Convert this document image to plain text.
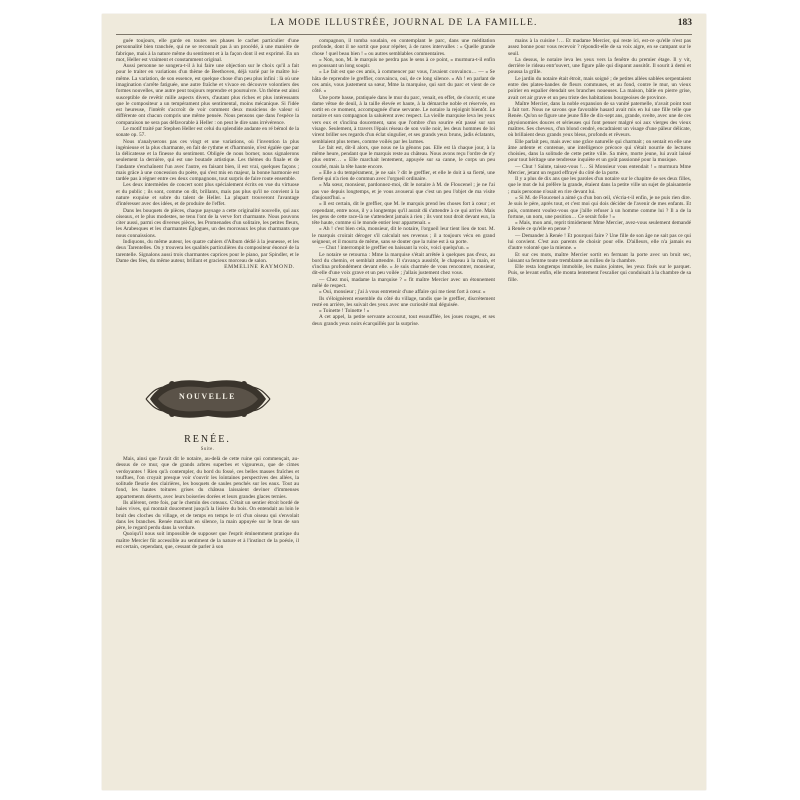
LA MODE ILLUSTRÉE, JOURNAL DE LA FAMILLE.	183

guée toujours, elle garde en toutes ses phases le cachet particulier d'une personnalité bien tranchée, qui ne se reconnaît pas à un procédé, à une manière de fabrique, mais à la nature même du sentiment et à la façon dont il est exprimé. En un mot, Heller est vraiment et constamment original.

Aussi personne ne songera-t-il à lui faire une objection sur le choix qu'il a fait pour le traiter en variations d'un thème de Beethoven, déjà varié par le maître lui-même. La variation, de son essence, est quelque chose d'un peu plus infini : là où une imagination s'arrête fatiguée, une autre fraîche et vivace en découvre volontiers des formes nouvelles, une autre peut toujours reprendre et poursuivre. Un thème est ainsi susceptible de revêtir mille aspects divers, d'autant plus riches et plus intéressants que le compositeur a un tempérament plus sentimental, moins mécanique. Si l'idée est heureuse, l'intérêt s'accroît de voir comment deux musiciens de valeur si différente ont chacun compris une même pensée. Nous pensons que dans l'espèce la comparaison ne sera pas défavorable à Heller : on peut le dire sans irrévérence.

Le motif traité par Stephen Heller est celui du splendide andante en ré bémol de la sonate op. 57.

Nous n'analyserons pas ces vingt et une variations, où l'invention la plus ingénieuse et la plus charmante, en fait de rythme et d'harmonie, n'est égalée que par la délicatesse et la finesse du sentiment. Obligée de nous borner, nous signalerons seulement la dernière, qui est une boutade artistique. Les thèmes du finale et de l'andante s'enchaînent l'un avec l'autre, en faisant bien, il est vrai, quelques façons ; mais grâce à une concession du poète, qui s'est mis en majeur, la bonne harmonie est tardée pas à régner entre ces deux compagnons, tout surpris de faire route ensemble.

Les deux intermèdes de concert sont plus spécialement écrits en vue du virtuose et du public ; ils sont, comme on dit, brillants, mais pas plus qu'il ne convient à la nature exquise et sobre du talent de Heller. La plupart trouveront l'avantage d'intéresser avec des idées, et de produire de l'effet.

Dans les bouquets de pièces, chaque paysage a cette originalité nouvelle, qui aux oiseaux, et le plus modestes, ne tenu l'ont de la verve fort charmante. Nous pouvons citer aussi, parmi ces diverses pièces, les Promenades d'un solitaire, les petites fleurs, les Arabesques et les charmantes Églogues, un des morceaux les plus charmants que nous connaissions.

Indiquons, du même auteur, les quatre cahiers d'Album dédié à la jeunesse, et les deux Tarentelles. On y trouvera les qualités particulières du compositeur énoncé de la tarentelle. Signalons aussi trois charmantes caprices pour le piano, par Spindler, et le Dame des fées, du même auteur, brillant et gracieux morceau de salon.

EMMELINE RAYMOND.

NOUVELLE
RENÉE.
Suite.

Mais, ainsi que l'avait dit le notaire, au-delà de cette ruine qui commençait, au-dessus de ce mur, que de grands arbres superbes et vigoureux, que de cimes verdoyantes ! Rien qu'à contempler, du bord du fossé, ces belles masses fraîches et touffues, l'on croyait presque voir s'ouvrir les lointaines perspectives des allées, la solitude fleurie des clairières, les bosquets de saules penchés sur les eaux. Tout au fond, les hautes toitures grises du château laissaient deviner d'immenses appartements déserts, avec leurs boiseries dorées et leurs grandes glaces ternies.

Ils allèrent, cette fois, par le chemin des coteaux. C'était un sentier étroit bordé de haies vives, qui montait doucement jusqu'à la lisière du bois. On entendait au loin le bruit des cloches du village, et de temps en temps le cri d'un oiseau qui s'envolait dans les branches. Renée marchait en silence, la main appuyée sur le bras de son père, le regard perdu dans la verdure.

Quoiqu'il nous soit impossible de supposer que l'esprit éminemment pratique du maître Mercier fût accessible au sentiment de la nature et à l'instinct de la poésie, il est certain, cependant, que, cessant de parler à son

compagnon, il tomba soudain, en contemplant le parc, dans une méditation profonde, dont il ne sortit que pour répéter, à de rares intervalles : « Quelle grande chose ! quel beau bien ! » ou autres semblables commentaires.

« Non, non, M. le marquis ne perdra pas le sens à ce point, » murmura-t-il enfin en poussant un long soupir.

« Le fait est que ces amis, à commencer par vous, l'avaient convaincu… — « Se hâta de reprendre le greffier, convaincu, oui, de ce long silence. » Ah ! en parlant de ces amis, vous justement sa sœur, Mme la marquise, qui sort du parc et vient de ce côté. »

Une porte basse, pratiquée dans le mur du parc, venait, en effet, de s'ouvrir, et une dame vêtue de deuil, à la taille élevée et haute, à la démarche noble et réservée, en sortit en ce moment, accompagnée d'une servante. Le notaire la rejoignit bientôt. Le notaire et son compagnon la saluèrent avec respect. La vieille marquise leva les yeux vers eux et s'inclina doucement, sans que l'ombre d'un sourire eût passé sur son visage. Seulement, à travers l'épais réseau de son voile noir, les deux hommes de loi virent briller ses regards d'un éclat singulier, et ses grands yeux bruns, jadis éclatants, semblaient plus ternes, comme voilés par les larmes.

Le fait est, dit-il alors, que nous ne la gênons pas. Elle est là chaque jour, à la même heure, pendant que le marquis reste au château. Nous avons reçu l'ordre de n'y plus entrer… » Elle marchait lentement, appuyée sur sa canne, le corps un peu courbé, mais la tête haute encore.

« Elle a du tempérament, je ne sais ? dit le greffier, et elle le doit à sa fierté, une fierté qui n'a rien de commun avec l'orgueil ordinaire.

« Ma sœur, monsieur, pardonnez-moi, dit le notaire à M. de Floucenel ; je ne l'ai pas vue depuis longtemps, et je vous avouerai que c'est un peu l'objet de ma visite d'aujourd'hui. »

« Il est certain, dit le greffier, que M. le marquis prend les choses fort à cœur ; et cependant, entre nous, il y a longtemps qu'il aurait dû s'attendre à ce qui arrive. Mais les gens de cette race-là ne s'attendent jamais à rien ; ils vont tout droit devant eux, la tête haute, comme si le monde entier leur appartenait. »

« Ah ! c'est bien cela, monsieur, dit le notaire, l'orgueil leur tient lieu de tout. M. le marquis croirait déroger s'il calculait ses revenus ; il a toujours vécu en grand seigneur, et il mourra de même, sans se douter que la ruine est à sa porte.

— Chut ! interrompit le greffier en baissant la voix, voici quelqu'un. »

Le notaire se retourna : Mme la marquise s'était arrêtée à quelques pas d'eux, au bord du chemin, et semblait attendre. Il s'avança aussitôt, le chapeau à la main, et s'inclina profondément devant elle. « Je suis charmée de vous rencontrer, monsieur, dit-elle d'une voix grave et un peu voilée ; j'allais justement chez vous.

— Chez moi, madame la marquise ? » fit maître Mercier avec un étonnement mêlé de respect.

« Oui, monsieur ; j'ai à vous entretenir d'une affaire qui me tient fort à cœur. »

Ils s'éloignèrent ensemble du côté du village, tandis que le greffier, discrètement resté en arrière, les suivait des yeux avec une curiosité mal déguisée.

« Toinette ! Toinette ! »

A cet appel, la petite servante accourut, tout essoufflée, les joues rouges, et ses deux grands yeux noirs écarquillés par la surprise.

mains à la cuisine !… Et madame Mercier, qui reste ici, est-ce qu'elle n'est pas assez bonne pour vous recevoir ? répondit-elle de sa voix aigre, en se campant sur le seuil.

La dessus, le notaire leva les yeux vers la fenêtre du premier étage. Il y vit, derrière le rideau entr'ouvert, une figure pâle qui disparut aussitôt. Il sourit à demi et poussa la grille.

Le jardin du notaire était étroit, mais soigné ; de petites allées sablées serpentaient entre des plates-bandes de fleurs communes, et au fond, contre le mur, un vieux poirier en espalier étendait ses branches noueuses. La maison, bâtie en pierre grise, avait cet air grave et un peu triste des habitations bourgeoises de province.

Maître Mercier, dans la noble expansion de sa vanité paternelle, n'avait point tout à fait tort. Nous ne savons que favorable hasard avait mis en lui une fille telle que Renée. Qu'on se figure une jeune fille de dix-sept ans, grande, svelte, avec une de ces physionomies douces et sérieuses qui font penser malgré soi aux vierges des vieux maîtres. Ses cheveux, d'un blond cendré, encadraient un visage d'une pâleur délicate, où brillaient deux grands yeux bleus, profonds et rêveurs.

Elle parlait peu, mais avec une grâce naturelle qui charmait ; on sentait en elle une âme ardente et contenue, une intelligence précoce qui s'était nourrie de lectures choisies, dans la solitude de cette petite ville. Sa mère, morte jeune, lui avait laissé pour tout héritage une tendresse inquiète et un goût passionné pour la musique.

— Chut ! Sainte, taisez-vous !… Si Monsieur vous entendait ! » murmura Mme Mercier, jetant un regard effrayé du côté de la porte.

Il y a plus de dix ans que les paroles d'un notaire sur le chapitre de ses deux filles, que le mot de lui préfère la grande, étaient dans la petite ville un sujet de plaisanterie ; mais personne n'osait en rire devant lui.

« Si M. de Floucenel a aimé ça d'un bon œil, s'écria-t-il enfin, je ne puis rien dire. Je suis le père, après tout, et c'est moi qui dois décider de l'avenir de mes enfants. Et puis, comment voulez-vous que j'aille refuser à un homme comme lui ? Il a de la fortune, un nom, une position… Ce serait folie ! »

« Mais, mon ami, reprit timidement Mme Mercier, avez-vous seulement demandé à Renée ce qu'elle en pense ?

— Demander à Renée ! Et pourquoi faire ? Une fille de son âge ne sait pas ce qui lui convient. C'est aux parents de choisir pour elle. D'ailleurs, elle n'a jamais eu d'autre volonté que la mienne. »

Et sur ces mots, maître Mercier sortit en fermant la porte avec un bruit sec, laissant sa femme toute tremblante au milieu de la chambre.

Elle resta longtemps immobile, les mains jointes, les yeux fixés sur le parquet. Puis, se levant enfin, elle monta lentement l'escalier qui conduisait à la chambre de sa fille.
